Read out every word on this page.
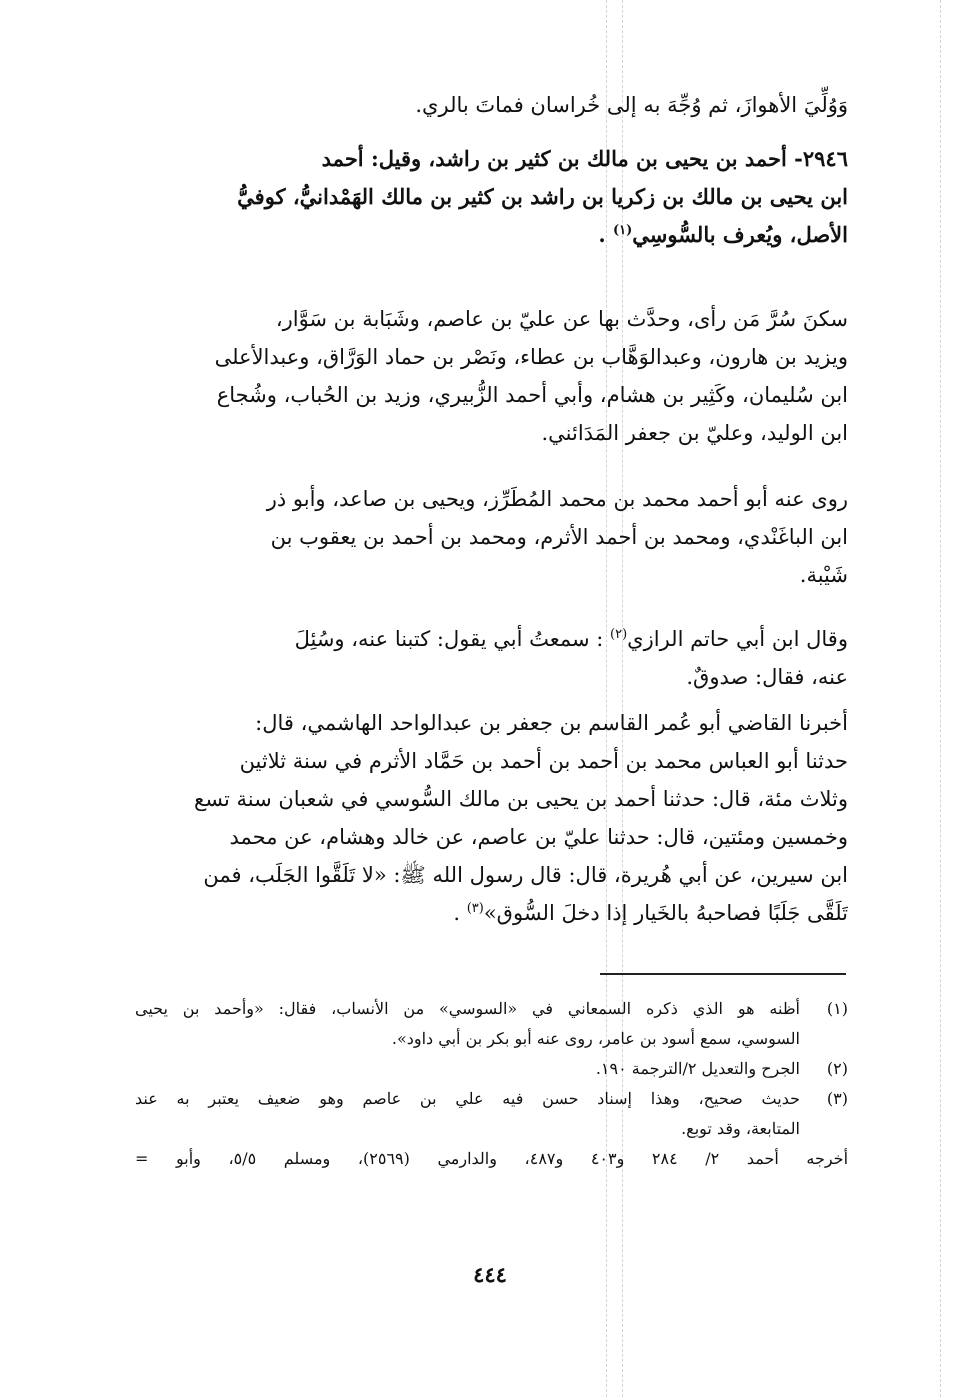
وَوُلِّيَ الأهوازَ، ثم وُجِّهَ به إلى خُراسان فماتَ بالري.
٢٩٤٦- أحمد بن يحيى بن مالك بن كثير بن راشد، وقيل: أحمد
ابن يحيى بن مالك بن زكريا بن راشد بن كثير بن مالك الهَمْدانيُّ، كوفيُّ
الأصل، ويُعرف بالسُّوسِي$^{(١)}$ .
سكنَ سُرَّ مَن رأى، وحدَّث بها عن عليّ بن عاصم، وشَبَابة بن سَوَّار،
ويزيد بن هارون، وعبدالوَهَّاب بن عطاء، ونَصْر بن حماد الوَرَّاق، وعبدالأعلى
ابن سُليمان، وكَثِير بن هشام، وأبي أحمد الزُّبيري، وزيد بن الحُباب، وشُجاع
ابن الوليد، وعليّ بن جعفر المَدَائني.
روى عنه أبو أحمد محمد بن محمد المُطَرِّز، ويحيى بن صاعد، وأبو ذر
ابن الباغَنْدي، ومحمد بن أحمد الأثرم، ومحمد بن أحمد بن يعقوب بن
شَيْبة.
وقال ابن أبي حاتم الرازي$^{(٢)}$ : سمعتُ أبي يقول: كتبنا عنه، وسُئِلَ
عنه، فقال: صدوقٌ.
أخبرنا القاضي أبو عُمر القاسم بن جعفر بن عبدالواحد الهاشمي، قال:
حدثنا أبو العباس محمد بن أحمد بن أحمد بن حَمَّاد الأثرم في سنة ثلاثين
وثلاث مئة، قال: حدثنا أحمد بن يحيى بن مالك السُّوسي في شعبان سنة تسع
وخمسين ومئتين، قال: حدثنا عليّ بن عاصم، عن خالد وهشام، عن محمد
ابن سيرين، عن أبي هُريرة، قال: قال رسول الله ﷺ: «لا تَلَقَّوا الجَلَب، فمن
تَلَقَّى جَلَبًا فصاحبهُ بالخَيار إذا دخلَ السُّوق»$^{(٣)}$ .
(١)
أظنه هو الذي ذكره السمعاني في «السوسي» من الأنساب، فقال: «وأحمد بن يحيى
السوسي، سمع أسود بن عامر، روى عنه أبو بكر بن أبي داود».
(٢)
الجرح والتعديل ٢/الترجمة ١٩٠.
(٣)
حديث صحيح، وهذا إسناد حسن فيه علي بن عاصم وهو ضعيف يعتبر به عند
المتابعة، وقد توبع.
أخرجه أحمد ٢/ ٢٨٤ و٤٠٣ و٤٨٧، والدارمي (٢٥٦٩)، ومسلم ٥/٥، وأبو =
٤٤٤
